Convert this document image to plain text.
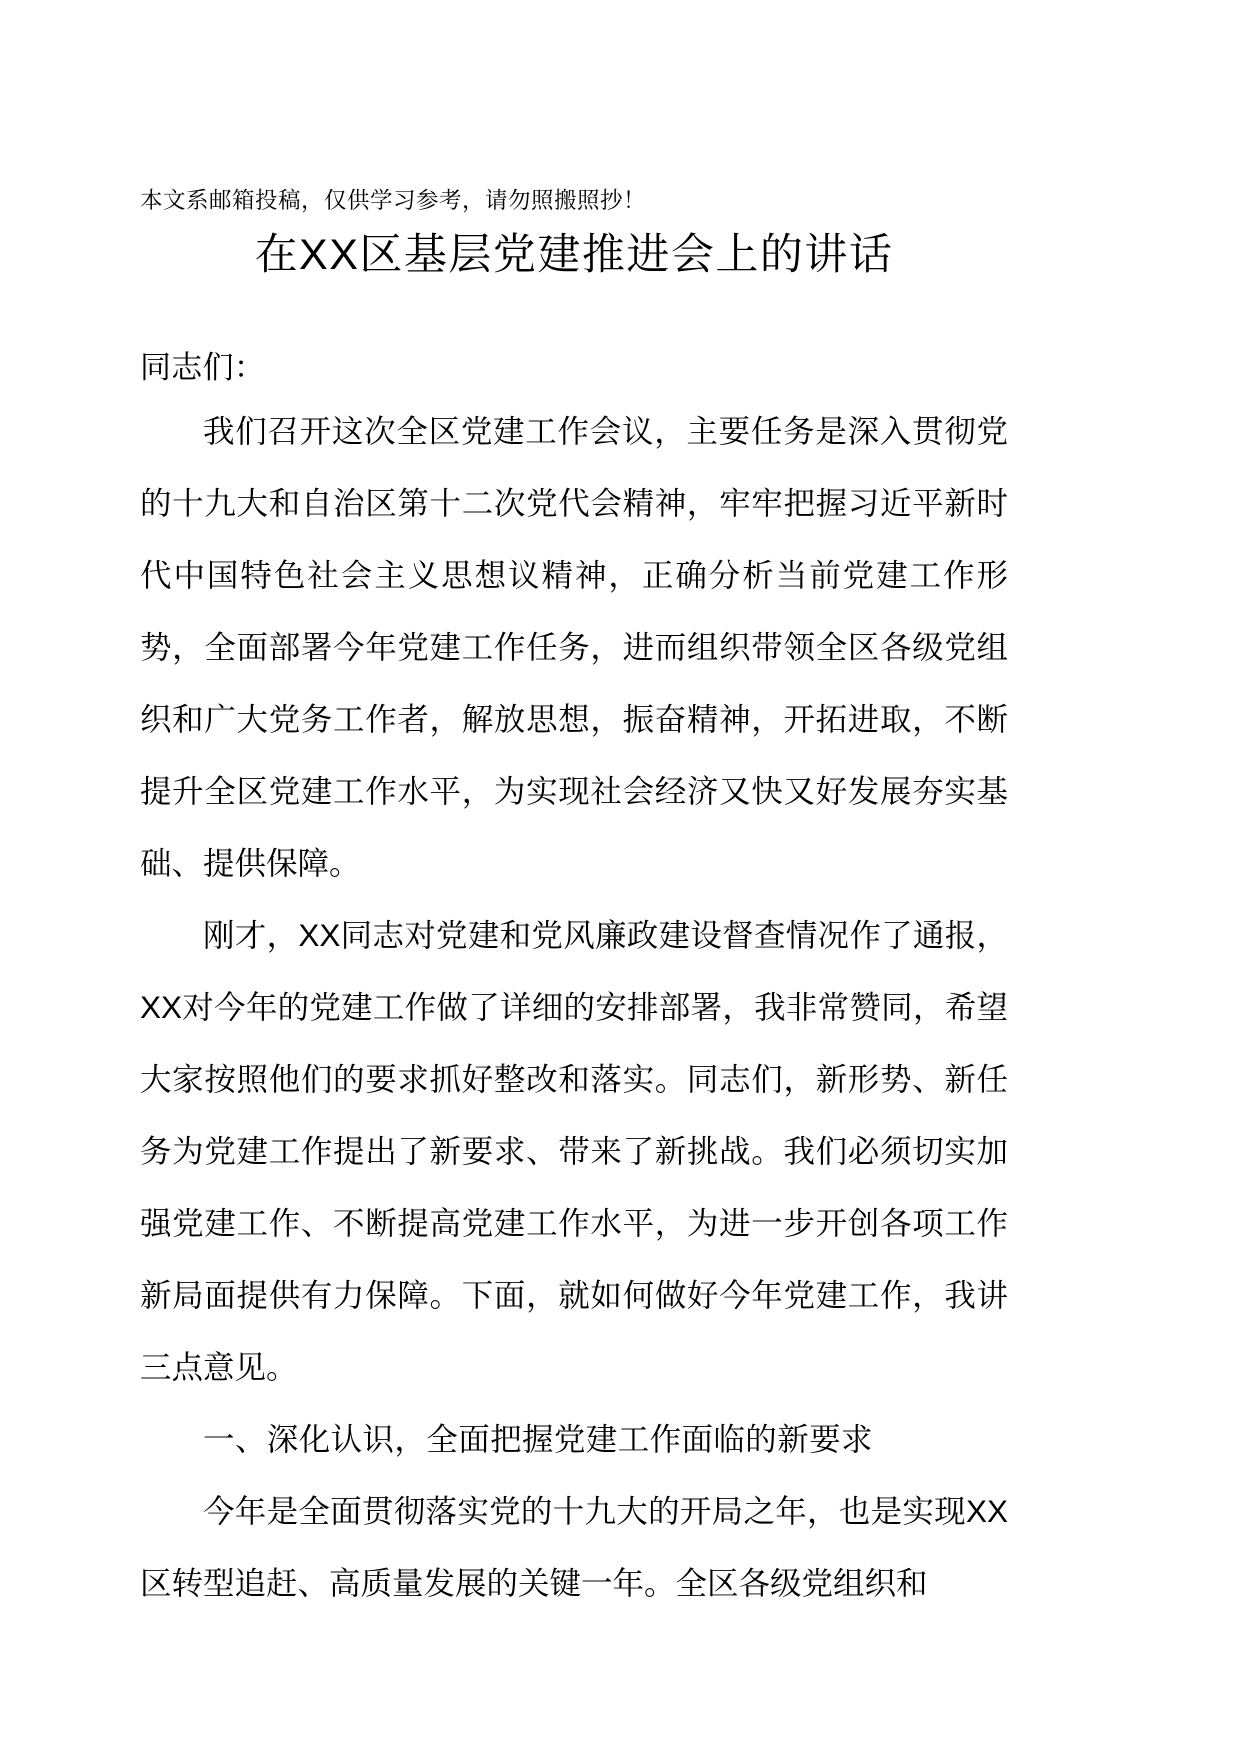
本文系邮箱投稿，仅供学习参考，请勿照搬照抄！
在XX区基层党建推进会上的讲话
同志们：

我们召开这次全区党建工作会议，主要任务是深入贯彻党的十九大和自治区第十二次党代会精神，牢牢把握习近平新时代中国特色社会主义思想议精神，正确分析当前党建工作形势，全面部署今年党建工作任务，进而组织带领全区各级党组织和广大党务工作者，解放思想，振奋精神，开拓进取，不断提升全区党建工作水平，为实现社会经济又快又好发展夯实基础、提供保障。

刚才，XX同志对党建和党风廉政建设督查情况作了通报，XX对今年的党建工作做了详细的安排部署，我非常赞同，希望大家按照他们的要求抓好整改和落实。同志们，新形势、新任务为党建工作提出了新要求、带来了新挑战。我们必须切实加强党建工作、不断提高党建工作水平，为进一步开创各项工作新局面提供有力保障。下面，就如何做好今年党建工作，我讲三点意见。

一、深化认识，全面把握党建工作面临的新要求

今年是全面贯彻落实党的十九大的开局之年，也是实现XX区转型追赶、高质量发展的关键一年。全区各级党组织和
